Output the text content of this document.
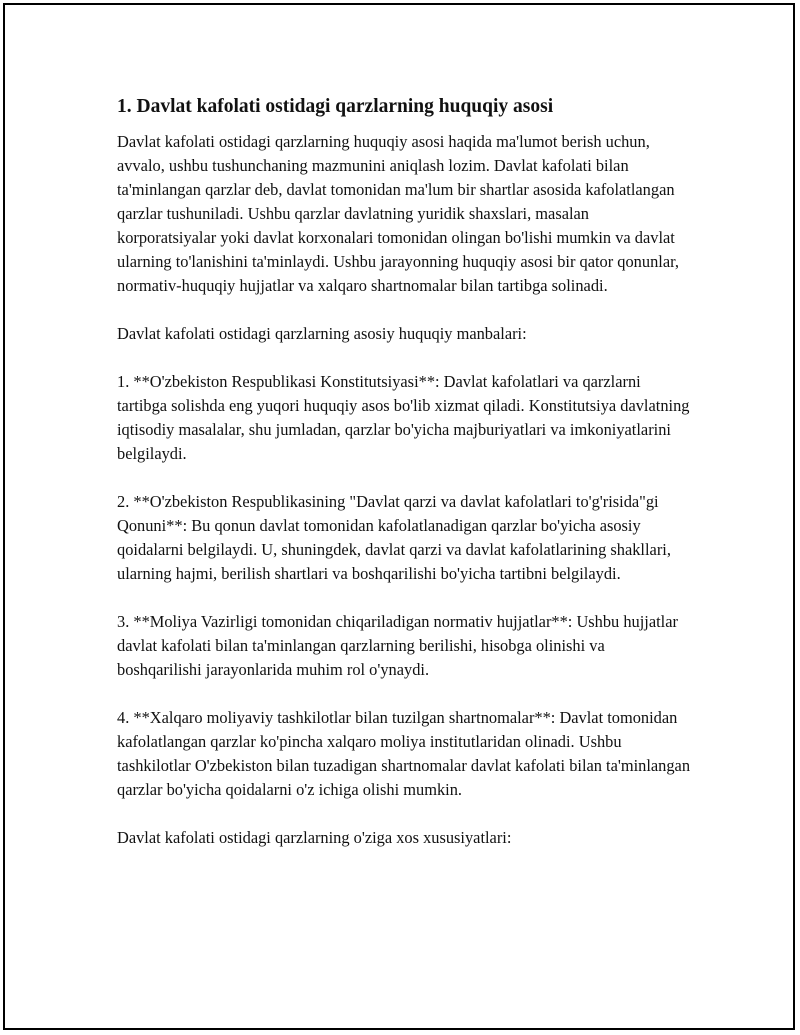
1. Davlat kafolati ostidagi qarzlarning huquqiy asosi

Davlat kafolati ostidagi qarzlarning huquqiy asosi haqida ma'lumot berish uchun, avvalo, ushbu tushunchaning mazmunini aniqlash lozim. Davlat kafolati bilan ta'minlangan qarzlar deb, davlat tomonidan ma'lum bir shartlar asosida kafolatlangan qarzlar tushuniladi. Ushbu qarzlar davlatning yuridik shaxslari, masalan korporatsiyalar yoki davlat korxonalari tomonidan olingan bo'lishi mumkin va davlat ularning to'lanishini ta'minlaydi. Ushbu jarayonning huquqiy asosi bir qator qonunlar, normativ-huquqiy hujjatlar va xalqaro shartnomalar bilan tartibga solinadi.

Davlat kafolati ostidagi qarzlarning asosiy huquqiy manbalari:

1. **O'zbekiston Respublikasi Konstitutsiyasi**: Davlat kafolatlari va qarzlarni tartibga solishda eng yuqori huquqiy asos bo'lib xizmat qiladi. Konstitutsiya davlatning iqtisodiy masalalar, shu jumladan, qarzlar bo'yicha majburiyatlari va imkoniyatlarini belgilaydi.

2. **O'zbekiston Respublikasining "Davlat qarzi va davlat kafolatlari to'g'risida"gi Qonuni**: Bu qonun davlat tomonidan kafolatlanadigan qarzlar bo'yicha asosiy qoidalarni belgilaydi. U, shuningdek, davlat qarzi va davlat kafolatlarining shakllari, ularning hajmi, berilish shartlari va boshqarilishi bo'yicha tartibni belgilaydi.

3. **Moliya Vazirligi tomonidan chiqariladigan normativ hujjatlar**: Ushbu hujjatlar davlat kafolati bilan ta'minlangan qarzlarning berilishi, hisobga olinishi va boshqarilishi jarayonlarida muhim rol o'ynaydi.

4. **Xalqaro moliyaviy tashkilotlar bilan tuzilgan shartnomalar**: Davlat tomonidan kafolatlangan qarzlar ko'pincha xalqaro moliya institutlaridan olinadi. Ushbu tashkilotlar O'zbekiston bilan tuzadigan shartnomalar davlat kafolati bilan ta'minlangan qarzlar bo'yicha qoidalarni o'z ichiga olishi mumkin.

Davlat kafolati ostidagi qarzlarning o'ziga xos xususiyatlari:
